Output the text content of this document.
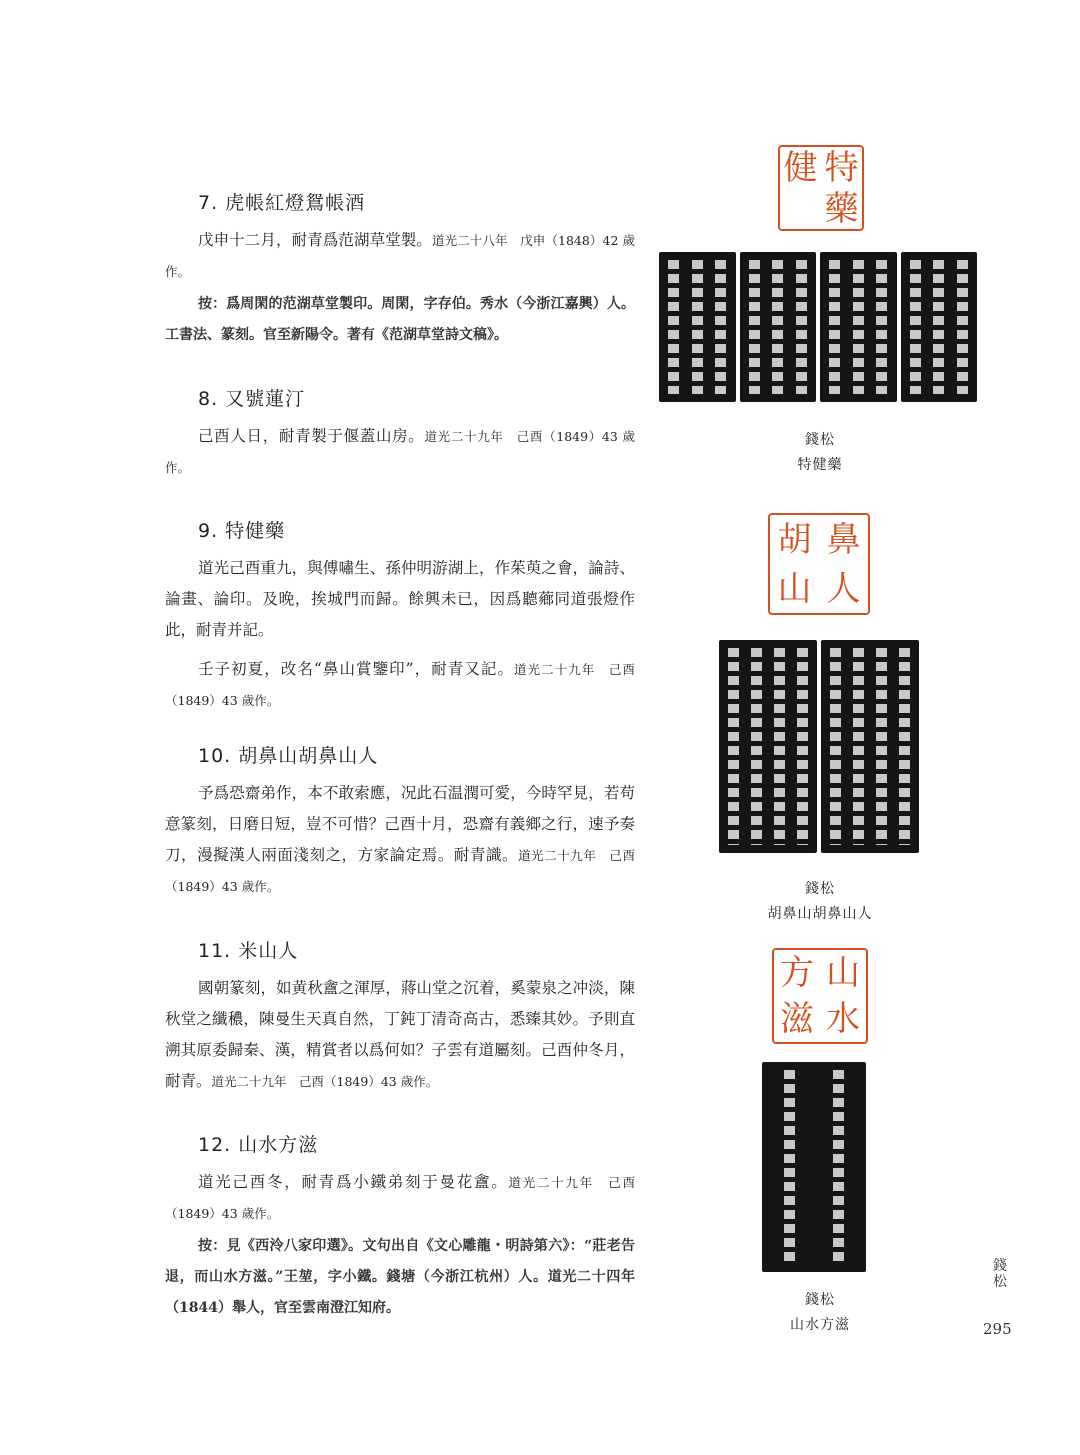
7. 虎帳紅燈鴛帳酒

戊申十二月，耐青爲范湖草堂製。道光二十八年　戊申（1848）42 歲作。

按：爲周閑的范湖草堂製印。周閑，字存伯。秀水（今浙江嘉興）人。工書法、篆刻。官至新陽令。著有《范湖草堂詩文稿》。

8. 又號蓮汀

己酉人日，耐青製于偃蓋山房。道光二十九年　己酉（1849）43 歲作。

9. 特健藥

道光己酉重九，與傅嘯生、孫仲明游湖上，作茱萸之會，論詩、論畫、論印。及晚，挨城門而歸。餘興未已，因爲聽薌同道張燈作此，耐青并記。

壬子初夏，改名“鼻山賞鑒印”，耐青又記。道光二十九年　己酉（1849）43 歲作。

10. 胡鼻山胡鼻山人

予爲恐齋弟作，本不敢索應，况此石温潤可愛，今時罕見，若苟意篆刻，日磨日短，豈不可惜？己酉十月，恐齋有義鄉之行，速予奏刀，漫擬漢人兩面淺刻之，方家論定焉。耐青識。道光二十九年　己酉（1849）43 歲作。

11. 米山人

國朝篆刻，如黄秋盦之渾厚，蔣山堂之沉着，奚蒙泉之冲淡，陳秋堂之纖穠，陳曼生天真自然，丁鈍丁清奇高古，悉臻其妙。予則直溯其原委歸秦、漢，精賞者以爲何如？子雲有道屬刻。己酉仲冬月，耐青。道光二十九年　己酉（1849）43 歲作。

12. 山水方滋

道光己酉冬，耐青爲小鐵弟刻于曼花盦。道光二十九年　己酉（1849）43 歲作。

按：見《西泠八家印選》。文句出自《文心雕龍・明詩第六》：“莊老告退，而山水方滋。”王堃，字小鐵。錢塘（今浙江杭州）人。道光二十四年（1844）舉人，官至雲南澄江知府。

健 特
藥
錢松
特健藥
胡 鼻
山 人
錢松
胡鼻山胡鼻山人
方 山
滋 水
錢松
山水方滋
錢松
295
